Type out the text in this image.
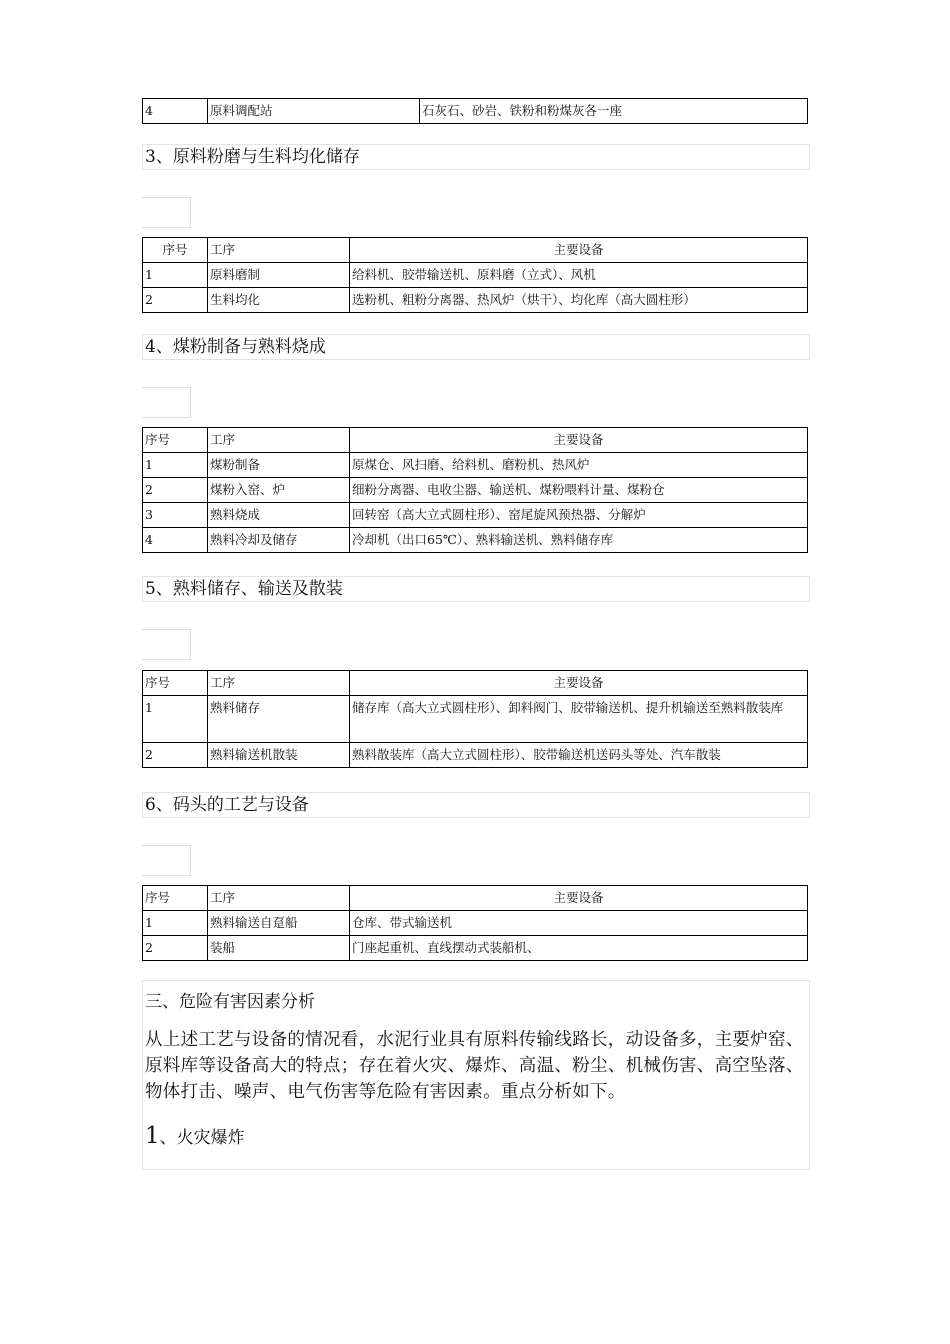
4	原料调配站	石灰石、砂岩、铁粉和粉煤灰各一座
3、原料粉磨与生料均化储存
序号	工序	主要设备
1	原料磨制	给料机、胶带输送机、原料磨（立式）、风机
2	生料均化	选粉机、粗粉分离器、热风炉（烘干）、均化库（高大圆柱形）
4、煤粉制备与熟料烧成
序号	工序	主要设备
1	煤粉制备	原煤仓、风扫磨、给料机、磨粉机、热风炉
2	煤粉入窑、炉	细粉分离器、电收尘器、输送机、煤粉喂料计量、煤粉仓
3	熟料烧成	回转窑（高大立式圆柱形）、窑尾旋风预热器、分解炉
4	熟料冷却及储存	冷却机（出口65℃）、熟料输送机、熟料储存库
5、熟料储存、输送及散装
序号	工序	主要设备
1	熟料储存	储存库（高大立式圆柱形）、卸料阀门、胶带输送机、提升机输送至熟料散装库
2	熟料输送机散装	熟料散装库（高大立式圆柱形）、胶带输送机送码头等处、汽车散装
6、码头的工艺与设备
序号	工序	主要设备
1	熟料输送自趸船	仓库、带式输送机
2	装船	门座起重机、直线摆动式装船机、
三、危险有害因素分析
从上述工艺与设备的情况看，水泥行业具有原料传输线路长，动设备多，主要炉窑、原料库等设备高大的特点；存在着火灾、爆炸、高温、粉尘、机械伤害、高空坠落、物体打击、噪声、电气伤害等危险有害因素。重点分析如下。
1、火灾爆炸
